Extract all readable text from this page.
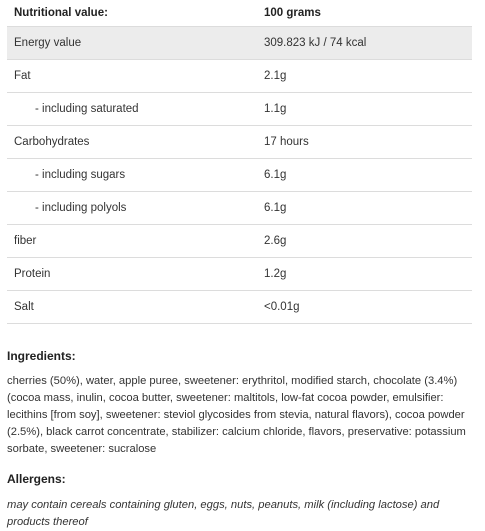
Nutritional value:	100 grams
Energy value	309.823 kJ / 74 kcal
Fat	2.1g
- including saturated	1.1g
Carbohydrates	17 hours
- including sugars	6.1g
- including polyols	6.1g
fiber	2.6g
Protein	1.2g
Salt	<0.01g
Ingredients:
cherries (50%), water, apple puree, sweetener: erythritol, modified starch, chocolate (3.4%) (cocoa mass, inulin, cocoa butter, sweetener: maltitols, low-fat cocoa powder, emulsifier: lecithins [from soy], sweetener: steviol glycosides from stevia, natural flavors), cocoa powder (2.5%), black carrot concentrate, stabilizer: calcium chloride, flavors, preservative: potassium sorbate, sweetener: sucralose
Allergens:
may contain cereals containing gluten, eggs, nuts, peanuts, milk (including lactose) and products thereof
